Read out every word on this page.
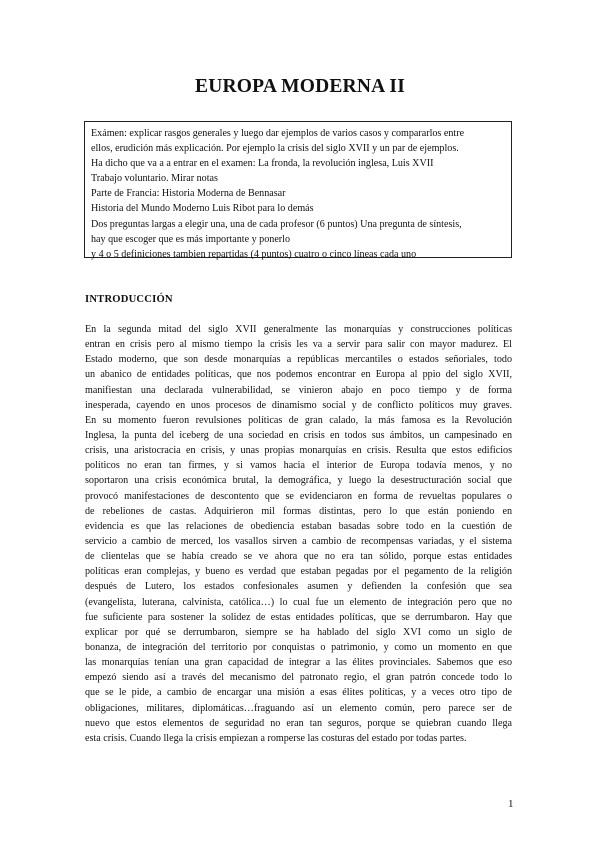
EUROPA MODERNA II
Exámen: explicar rasgos generales y luego dar ejemplos de varios casos y compararlos entre
ellos, erudición más explicación. Por ejemplo la crisis del siglo XVII y un par de ejemplos.
Ha dicho que va a a entrar en el examen: La fronda, la revolución inglesa, Luis XVII
Trabajo voluntario. Mirar notas
Parte de Francia: Historia Moderna de Bennasar
Historia del Mundo Moderno Luis Ribot para lo demás
Dos preguntas largas a elegir una, una de cada profesor (6 puntos) Una pregunta de síntesis,
hay que escoger que es más importante y ponerlo
y 4 o 5 definiciones tambien repartidas (4 puntos) cuatro o cinco líneas cada uno
INTRODUCCIÓN
En la segunda mitad del siglo XVII generalmente las monarquías y construcciones políticas
entran en crisis pero al mismo tiempo la crisis les va a servir para salir con mayor madurez. El
Estado moderno, que son desde monarquías a repúblicas mercantiles o estados señoriales, todo
un abanico de entidades políticas, que nos podemos encontrar en Europa al ppio del siglo XVII,
manifiestan una declarada vulnerabilidad, se vinieron abajo en poco tiempo y de forma
inesperada, cayendo en unos procesos de dinamismo social y de conflicto políticos muy graves.
En su momento fueron revulsiones políticas de gran calado, la más famosa es la Revolución
Inglesa, la punta del iceberg de una sociedad en crisis en todos sus ámbitos, un campesinado en
crisis, una aristocracia en crisis, y unas propias monarquías en crisis. Resulta que estos edificios
políticos no eran tan firmes, y si vamos hacia el interior de Europa todavía menos, y no
soportaron una crisis económica brutal, la demográfica, y luego la desestructuración social que
provocó manifestaciones de descontento que se evidenciaron en forma de revueltas populares o
de rebeliones de castas. Adquirieron mil formas distintas, pero lo que están poniendo en
evidencia es que las relaciones de obediencia estaban basadas sobre todo en la cuestión de
servicio a cambio de merced, los vasallos sirven a cambio de recompensas variadas, y el sistema
de clientelas que se había creado se ve ahora que no era tan sólido, porque estas entidades
políticas eran complejas, y bueno es verdad que estaban pegadas por el pegamento de la religión
después de Lutero, los estados confesionales asumen y defienden la confesión que sea
(evangelista, luterana, calvinista, católica…) lo cual fue un elemento de integración pero que no
fue suficiente para sostener la solidez de estas entidades políticas, que se derrumbaron. Hay que
explicar por qué se derrumbaron, siempre se ha hablado del siglo XVI como un siglo de
bonanza, de integración del territorio por conquistas o patrimonio, y como un momento en que
las monarquías tenían una gran capacidad de integrar a las élites provinciales. Sabemos que eso
empezó siendo así a través del mecanismo del patronato regio, el gran patrón concede todo lo
que se le pide, a cambio de encargar una misión a esas élites políticas, y a veces otro tipo de
obligaciones, militares, diplomáticas…fraguando así un elemento común, pero parece ser de
nuevo que estos elementos de seguridad no eran tan seguros, porque se quiebran cuando llega
esta crisis. Cuando llega la crisis empiezan a romperse las costuras del estado por todas partes.
1
